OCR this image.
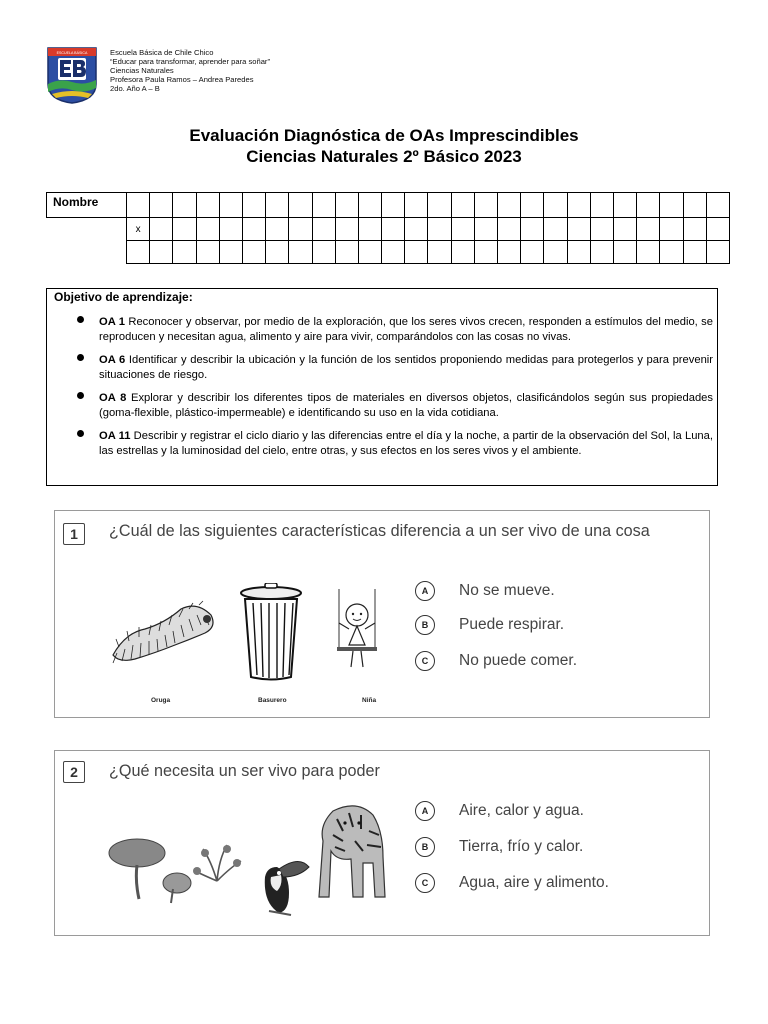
ESCUELA BÁSICA	Escuela Básica de Chile Chico
“Educar para transformar, aprender para soñar”
Ciencias Naturales
Profesora Paula Ramos – Andrea Paredes
2do. Año A – B
Evaluación Diagnóstica de OAs Imprescindibles
Ciencias Naturales 2º Básico 2023
Nombre																										
	x																									

Objetivo de aprendizaje:
OA 1 Reconocer y observar, por medio de la exploración, que los seres vivos crecen, responden a estímulos del medio, se reproducen y necesitan agua, alimento y aire para vivir, comparándolos con las cosas no vivas.
OA 6 Identificar y describir la ubicación y la función de los sentidos proponiendo medidas para protegerlos y para prevenir situaciones de riesgo.
OA 8 Explorar y describir los diferentes tipos de materiales en diversos objetos, clasificándolos según sus propiedades (goma-flexible, plástico-impermeable) e identificando su uso en la vida cotidiana.
OA 11 Describir y registrar el ciclo diario y las diferencias entre el día y la noche, a partir de la observación del Sol, la Luna, las estrellas y la luminosidad del cielo, entre otras, y sus efectos en los seres vivos y el ambiente.
1	¿Cuál de las siguientes características diferencia a un ser vivo de una cosa
Oruga	Basurero	Niña
A	No se mueve.
B	Puede respirar.
C	No puede comer.
2	¿Qué necesita un ser vivo para poder
A	Aire, calor y agua.
B	Tierra, frío y calor.
C	Agua, aire y alimento.
